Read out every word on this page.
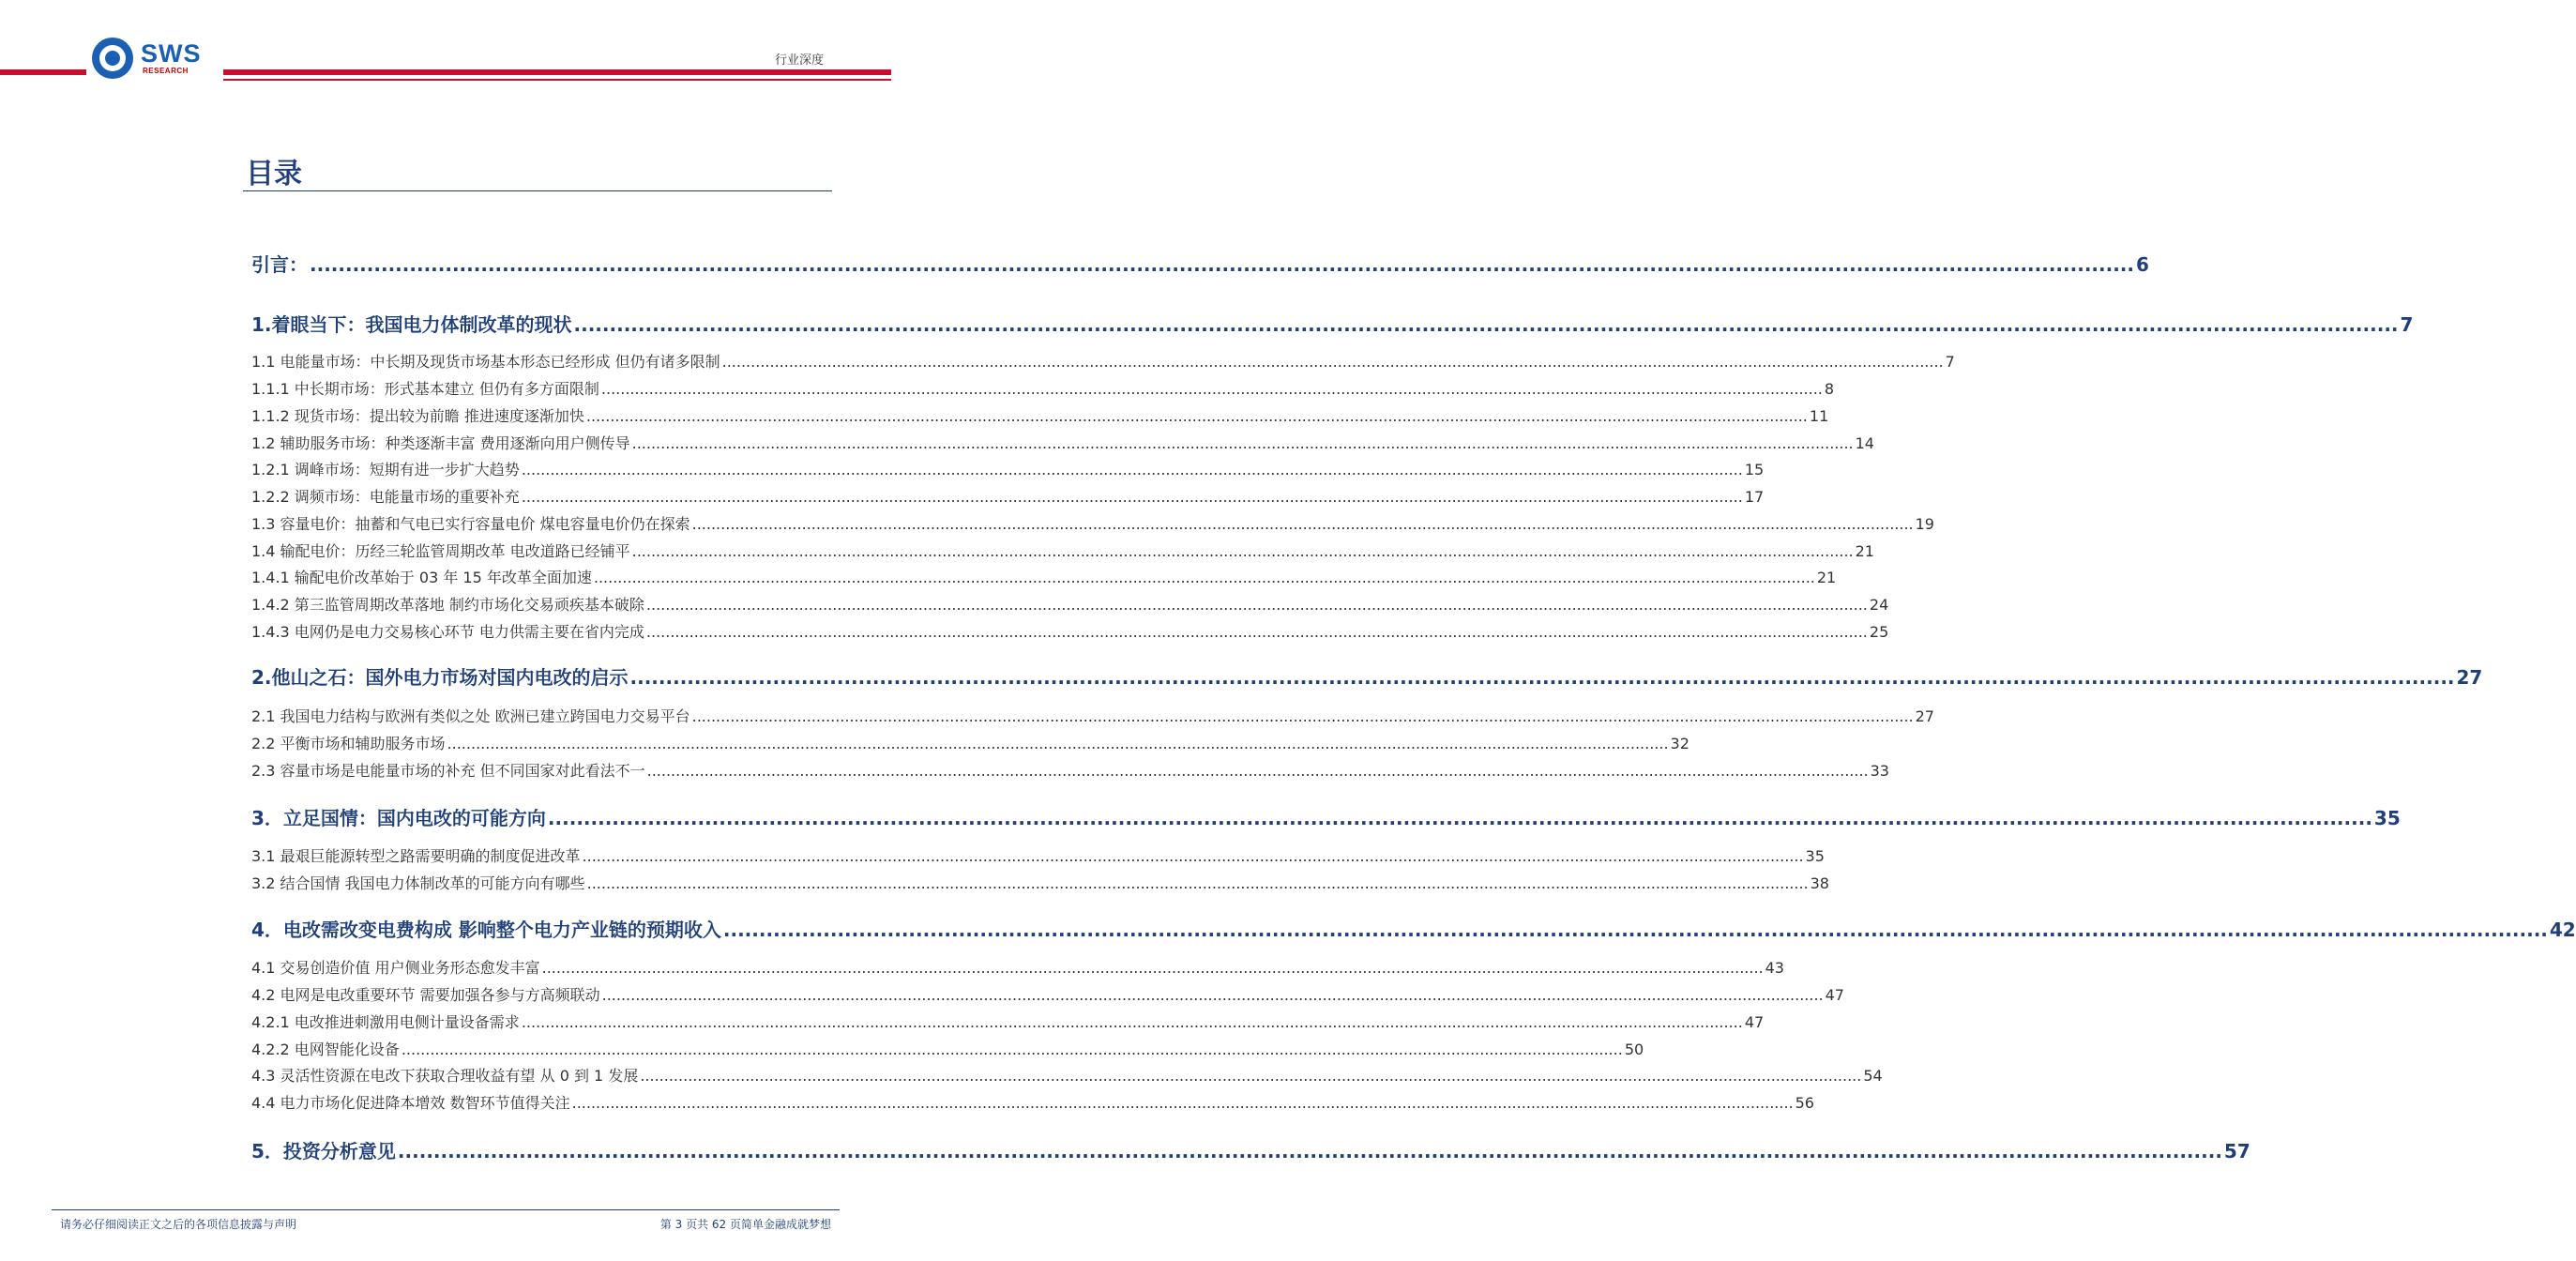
SWS
RESEARCH
行业深度
目录
引言： .....	6
1.着眼当下：我国电力体制改革的现状 .....	7
1.1 电能量市场：中长期及现货市场基本形态已经形成 但仍有诸多限制 .....	7
1.1.1 中长期市场：形式基本建立 但仍有多方面限制 .....	8
1.1.2 现货市场：提出较为前瞻 推进速度逐渐加快 .....	11
1.2 辅助服务市场：种类逐渐丰富 费用逐渐向用户侧传导 .....	14
1.2.1 调峰市场：短期有进一步扩大趋势 .....	15
1.2.2 调频市场：电能量市场的重要补充 .....	17
1.3 容量电价：抽蓄和气电已实行容量电价 煤电容量电价仍在探索 .....	19
1.4 输配电价：历经三轮监管周期改革 电改道路已经铺平 .....	21
1.4.1 输配电价改革始于 03 年 15 年改革全面加速 .....	21
1.4.2 第三监管周期改革落地 制约市场化交易顽疾基本破除 .....	24
1.4.3 电网仍是电力交易核心环节 电力供需主要在省内完成 .....	25
2.他山之石：国外电力市场对国内电改的启示 .....	27
2.1 我国电力结构与欧洲有类似之处 欧洲已建立跨国电力交易平台 .....	27
2.2 平衡市场和辅助服务市场 .....	32
2.3 容量市场是电能量市场的补充 但不同国家对此看法不一 .....	33
3．立足国情：国内电改的可能方向 .....	35
3.1 最艰巨能源转型之路需要明确的制度促进改革 .....	35
3.2 结合国情 我国电力体制改革的可能方向有哪些 .....	38
4．电改需改变电费构成 影响整个电力产业链的预期收入 .....	42
4.1 交易创造价值 用户侧业务形态愈发丰富 .....	43
4.2 电网是电改重要环节 需要加强各参与方高频联动 .....	47
4.2.1 电改推进刺激用电侧计量设备需求 .....	47
4.2.2 电网智能化设备 .....	50
4.3 灵活性资源在电改下获取合理收益有望 从 0 到 1 发展 .....	54
4.4 电力市场化促进降本增效 数智环节值得关注 .....	56
5．投资分析意见 .....	57
请务必仔细阅读正文之后的各项信息披露与声明	第 3 页共 62 页简单金融成就梦想
